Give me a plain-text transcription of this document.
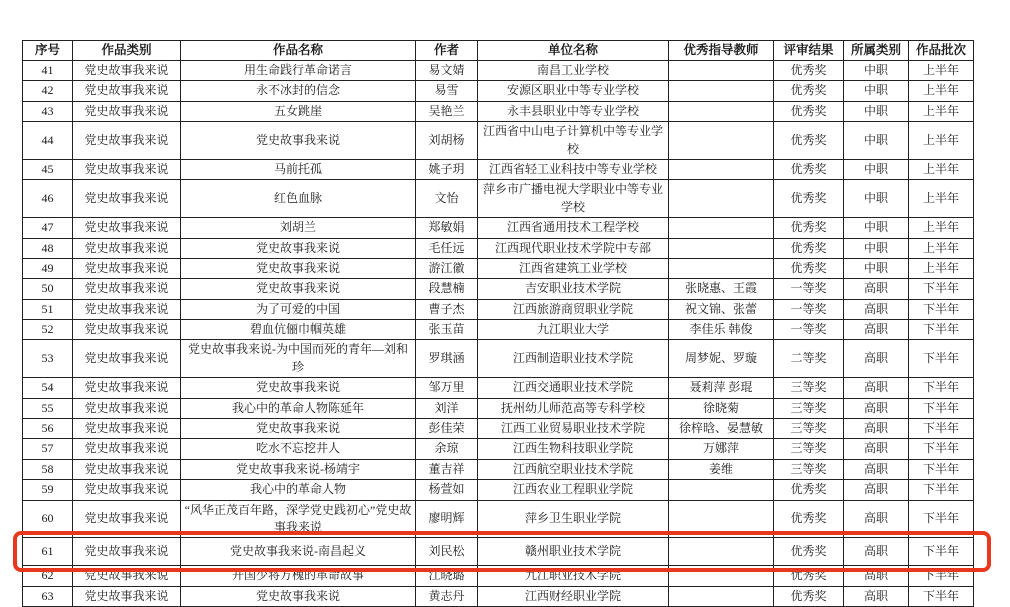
序号	作品类别	作品名称	作者	单位名称	优秀指导教师	评审结果	所属类别	作品批次
41	党史故事我来说	用生命践行革命诺言	易文婧	南昌工业学校		优秀奖	中职	上半年
42	党史故事我来说	永不冰封的信念	易雪	安源区职业中等专业学校		优秀奖	中职	上半年
43	党史故事我来说	五女跳崖	吴艳兰	永丰县职业中等专业学校		优秀奖	中职	上半年
44	党史故事我来说	党史故事我来说	刘胡杨	江西省中山电子计算机中等专业学校		优秀奖	中职	上半年
45	党史故事我来说	马前托孤	姚子玥	江西省轻工业科技中等专业学校		优秀奖	中职	上半年
46	党史故事我来说	红色血脉	文怡	萍乡市广播电视大学职业中等专业学校		优秀奖	中职	上半年
47	党史故事我来说	刘胡兰	郑敏娟	江西省通用技术工程学校		优秀奖	中职	上半年
48	党史故事我来说	党史故事我来说	毛任远	江西现代职业技术学院中专部		优秀奖	中职	上半年
49	党史故事我来说	党史故事我来说	游江徽	江西省建筑工业学校		优秀奖	中职	上半年
50	党史故事我来说	党史故事我来说	段慧楠	吉安职业技术学院	张晓惠、王霞	一等奖	高职	下半年
51	党史故事我来说	为了可爱的中国	曹子杰	江西旅游商贸职业学院	祝文锦、张蕾	一等奖	高职	下半年
52	党史故事我来说	碧血伉俪巾帼英雄	张玉苗	九江职业大学	李佳乐 韩俊	一等奖	高职	下半年
53	党史故事我来说	党史故事我来说-为中国而死的青年—刘和珍	罗琪涵	江西制造职业技术学院	周梦妮、罗璇	二等奖	高职	下半年
54	党史故事我来说	党史故事我来说	邹万里	江西交通职业技术学院	聂莉萍 彭琨	三等奖	高职	下半年
55	党史故事我来说	我心中的革命人物陈延年	刘洋	抚州幼儿师范高等专科学校	徐晓菊	三等奖	高职	下半年
56	党史故事我来说	党史故事我来说	彭佳荣	江西工业贸易职业技术学院	徐梓晗、晏慧敏	三等奖	高职	下半年
57	党史故事我来说	吃水不忘挖井人	余琼	江西生物科技职业学院	万娜萍	三等奖	高职	下半年
58	党史故事我来说	党史故事我来说-杨靖宇	董吉祥	江西航空职业技术学院	姜维	三等奖	高职	下半年
59	党史故事我来说	我心中的革命人物	杨萱如	江西农业工程职业学院		优秀奖	高职	下半年
60	党史故事我来说	“风华正茂百年路，深学党史践初心”党史故事我来说	廖明辉	萍乡卫生职业学院		优秀奖	高职	下半年
61	党史故事我来说	党史故事我来说-南昌起义	刘民松	赣州职业技术学院		优秀奖	高职	下半年
62	党史故事我来说	开国少将方槐的革命故事	江晓璐	九江职业技术学院		优秀奖	高职	下半年
63	党史故事我来说	党史故事我来说	黄志丹	江西财经职业学院		优秀奖	高职	下半年
